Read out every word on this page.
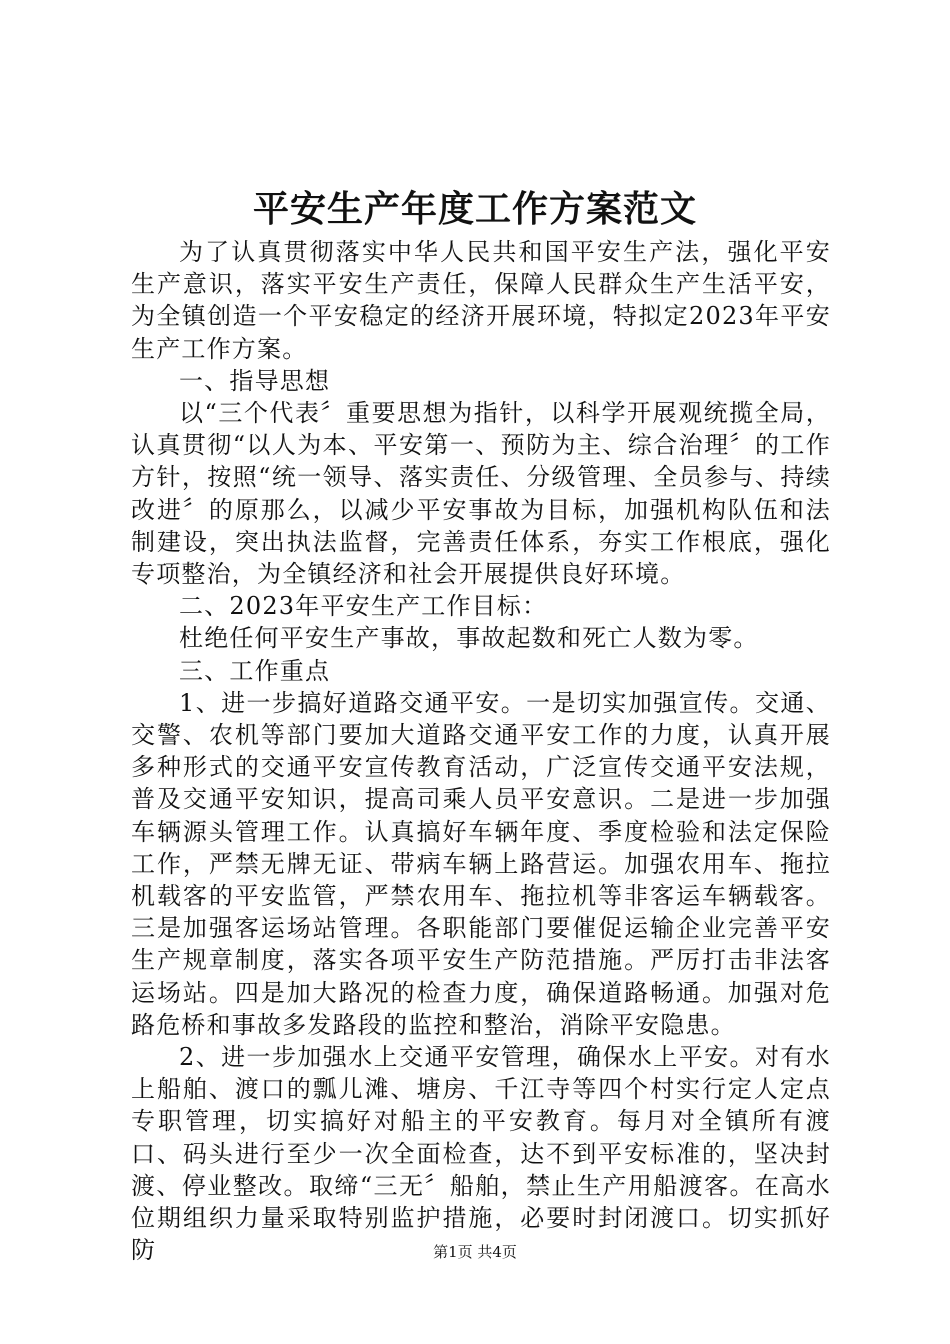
平安生产年度工作方案范文

为了认真贯彻落实中华人民共和国平安生产法，强化平安生产意识，落实平安生产责任，保障人民群众生产生活平安，为全镇创造一个平安稳定的经济开展环境，特拟定2023年平安生产工作方案。

一、指导思想

以“三个代表〞重要思想为指针，以科学开展观统揽全局，认真贯彻“以人为本、平安第一、预防为主、综合治理〞的工作方针，按照“统一领导、落实责任、分级管理、全员参与、持续改进〞的原那么，以减少平安事故为目标，加强机构队伍和法制建设，突出执法监督，完善责任体系，夯实工作根底，强化专项整治，为全镇经济和社会开展提供良好环境。

二、2023年平安生产工作目标：

杜绝任何平安生产事故，事故起数和死亡人数为零。

三、工作重点

1、进一步搞好道路交通平安。一是切实加强宣传。交通、交警、农机等部门要加大道路交通平安工作的力度，认真开展多种形式的交通平安宣传教育活动，广泛宣传交通平安法规，普及交通平安知识，提高司乘人员平安意识。二是进一步加强车辆源头管理工作。认真搞好车辆年度、季度检验和法定保险工作，严禁无牌无证、带病车辆上路营运。加强农用车、拖拉机载客的平安监管，严禁农用车、拖拉机等非客运车辆载客。三是加强客运场站管理。各职能部门要催促运输企业完善平安生产规章制度，落实各项平安生产防范措施。严厉打击非法客运场站。四是加大路况的检查力度，确保道路畅通。加强对危路危桥和事故多发路段的监控和整治，消除平安隐患。

2、进一步加强水上交通平安管理，确保水上平安。对有水上船舶、渡口的瓢儿滩、塘房、千江寺等四个村实行定人定点专职管理，切实搞好对船主的平安教育。每月对全镇所有渡口、码头进行至少一次全面检查，达不到平安标准的，坚决封渡、停业整改。取缔“三无〞船舶，禁止生产用船渡客。在高水位期组织力量采取特别监护措施，必要时封闭渡口。切实抓好防	第1页 共4页
